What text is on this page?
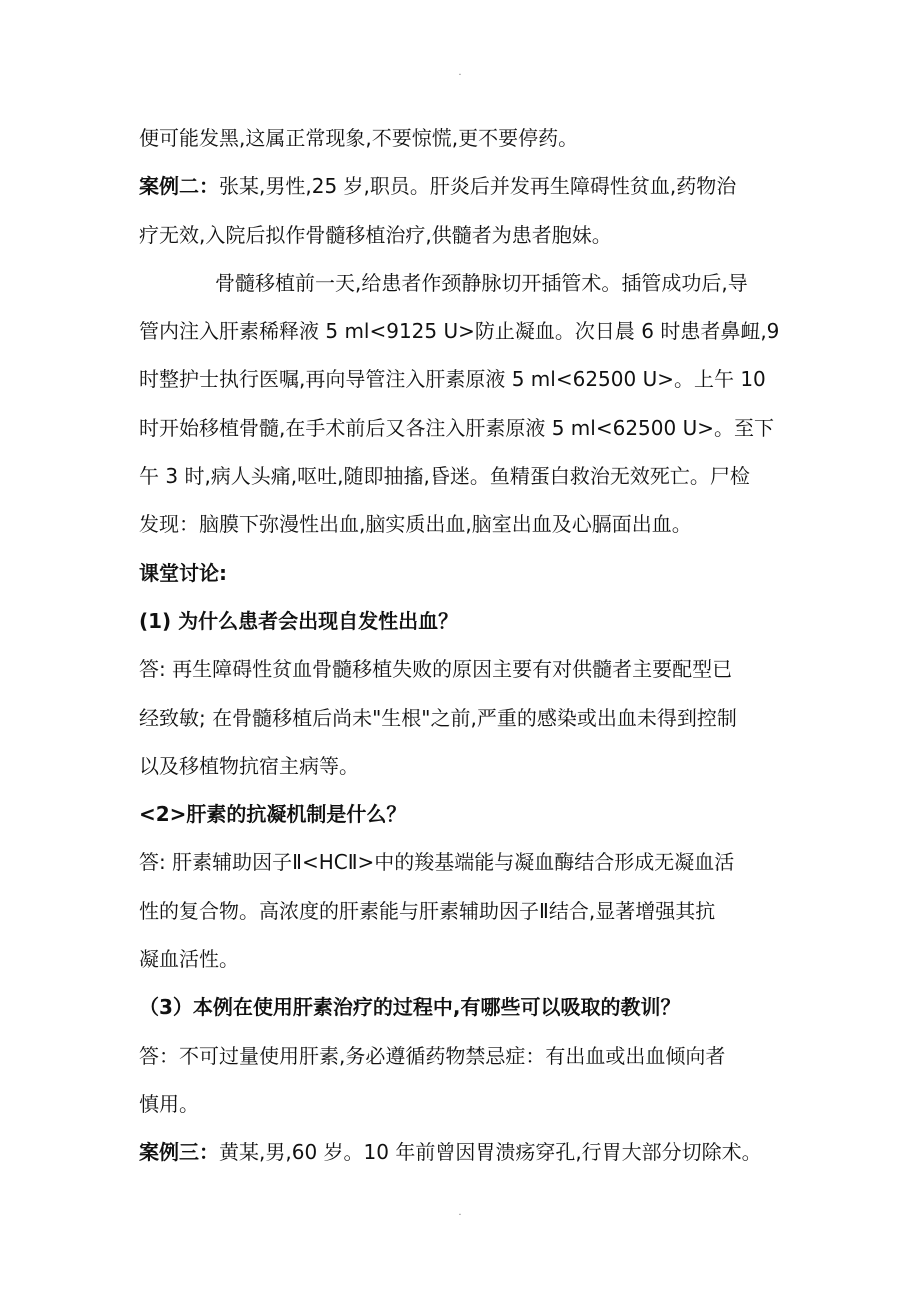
.
便可能发黑,这属正常现象,不要惊慌,更不要停药。
案例二：张某,男性,25 岁,职员。肝炎后并发再生障碍性贫血,药物治
疗无效,入院后拟作骨髓移植治疗,供髓者为患者胞妹。
骨髓移植前一天,给患者作颈静脉切开插管术。插管成功后,导
管内注入肝素稀释液 5 ml<9125 U>防止凝血。次日晨 6 时患者鼻衄,9
时整护士执行医嘱,再向导管注入肝素原液 5 ml<62500 U>。上午 10
时开始移植骨髓,在手术前后又各注入肝素原液 5 ml<62500 U>。至下
午 3 时,病人头痛,呕吐,随即抽搐,昏迷。鱼精蛋白救治无效死亡。尸检
发现：脑膜下弥漫性出血,脑实质出血,脑室出血及心膈面出血。
课堂讨论:
(1) 为什么患者会出现自发性出血？
答: 再生障碍性贫血骨髓移植失败的原因主要有对供髓者主要配型已
经致敏; 在骨髓移植后尚未"生根"之前,严重的感染或出血未得到控制
以及移植物抗宿主病等。
<2>肝素的抗凝机制是什么？
答: 肝素辅助因子Ⅱ<HCⅡ>中的羧基端能与凝血酶结合形成无凝血活
性的复合物。高浓度的肝素能与肝素辅助因子Ⅱ结合,显著增强其抗
凝血活性。
（3）本例在使用肝素治疗的过程中,有哪些可以吸取的教训？
答：不可过量使用肝素,务必遵循药物禁忌症：有出血或出血倾向者
慎用。
案例三：黄某,男,60 岁。10 年前曾因胃溃疡穿孔,行胃大部分切除术。
.
